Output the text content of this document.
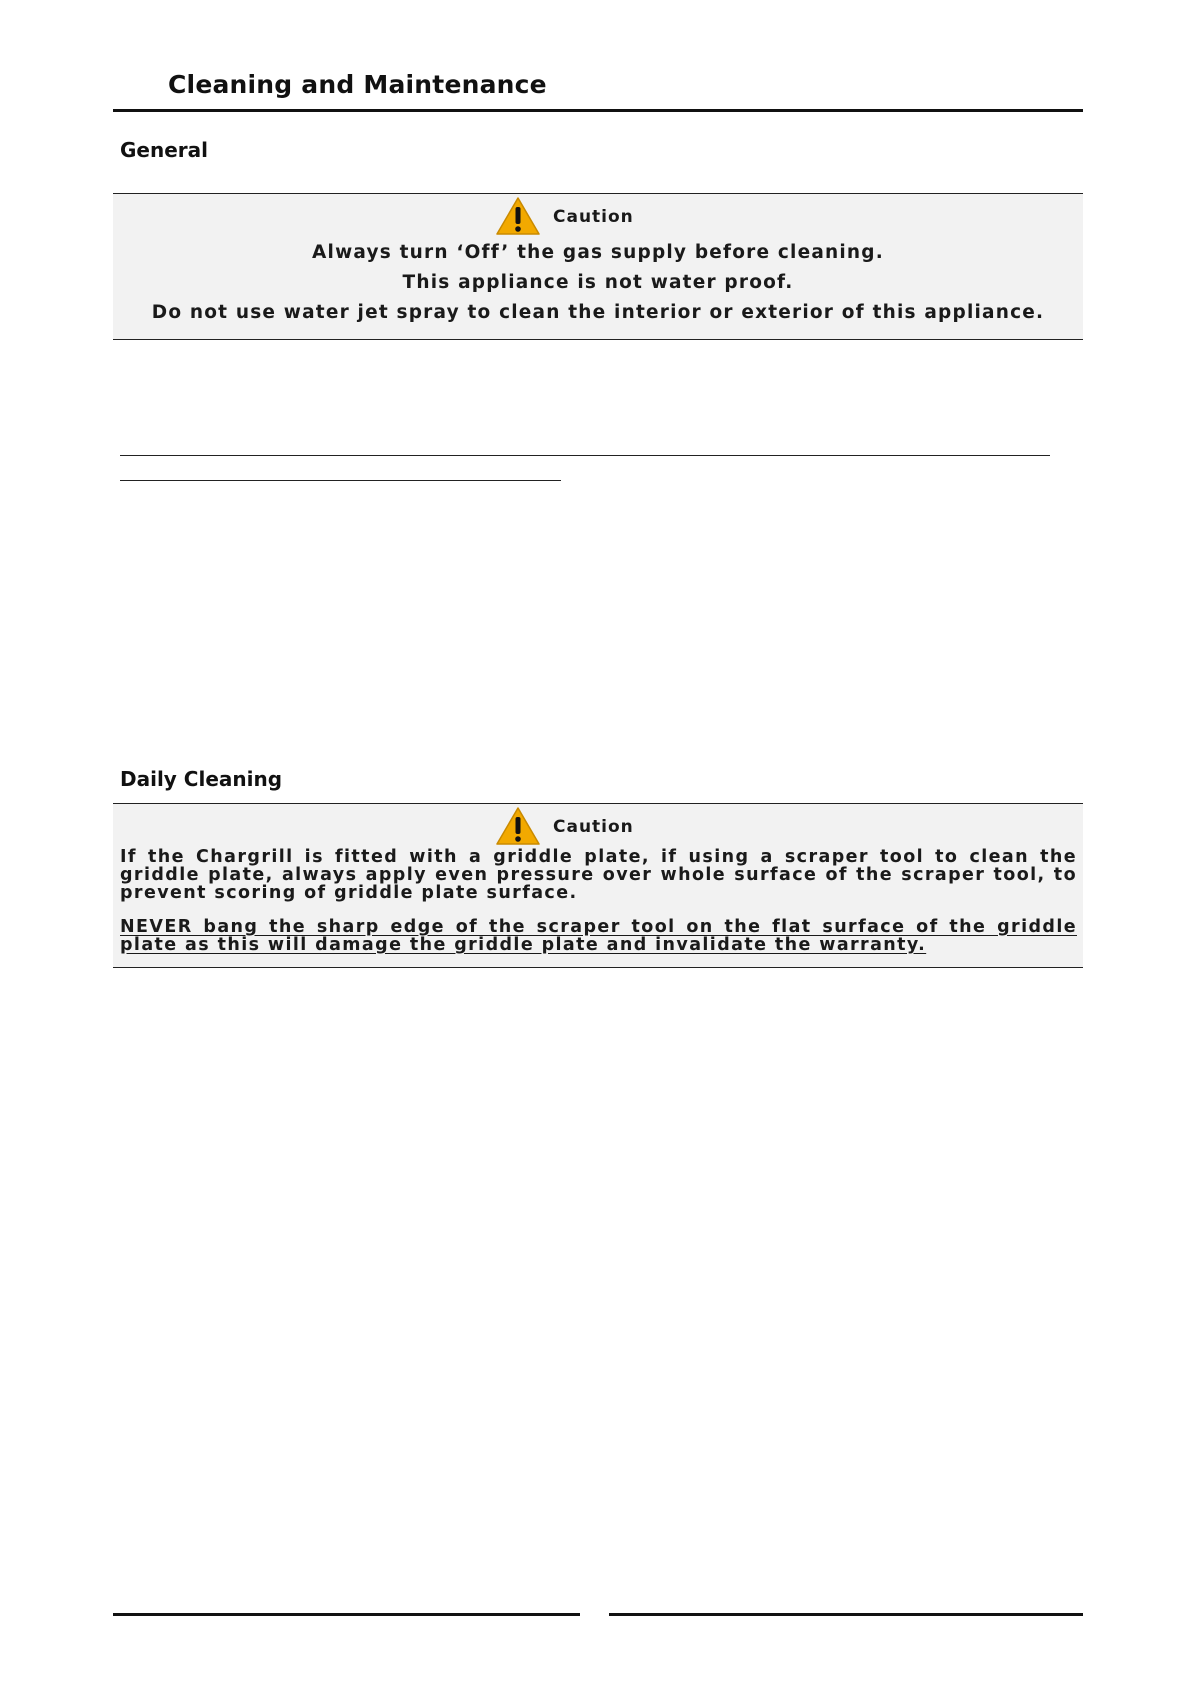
Cleaning and Maintenance
General
Caution
Always turn ‘Off’ the gas supply before cleaning.
This appliance is not water proof.
Do not use water jet spray to clean the interior or exterior of this appliance.
Daily Cleaning
Caution

If the Chargrill is fitted with a griddle plate, if using a scraper tool to clean the griddle plate, always apply even pressure over whole surface of the scraper tool, to prevent scoring of griddle plate surface.

NEVER bang the sharp edge of the scraper tool on the flat surface of the griddle plate as this will damage the griddle plate and invalidate the warranty.
